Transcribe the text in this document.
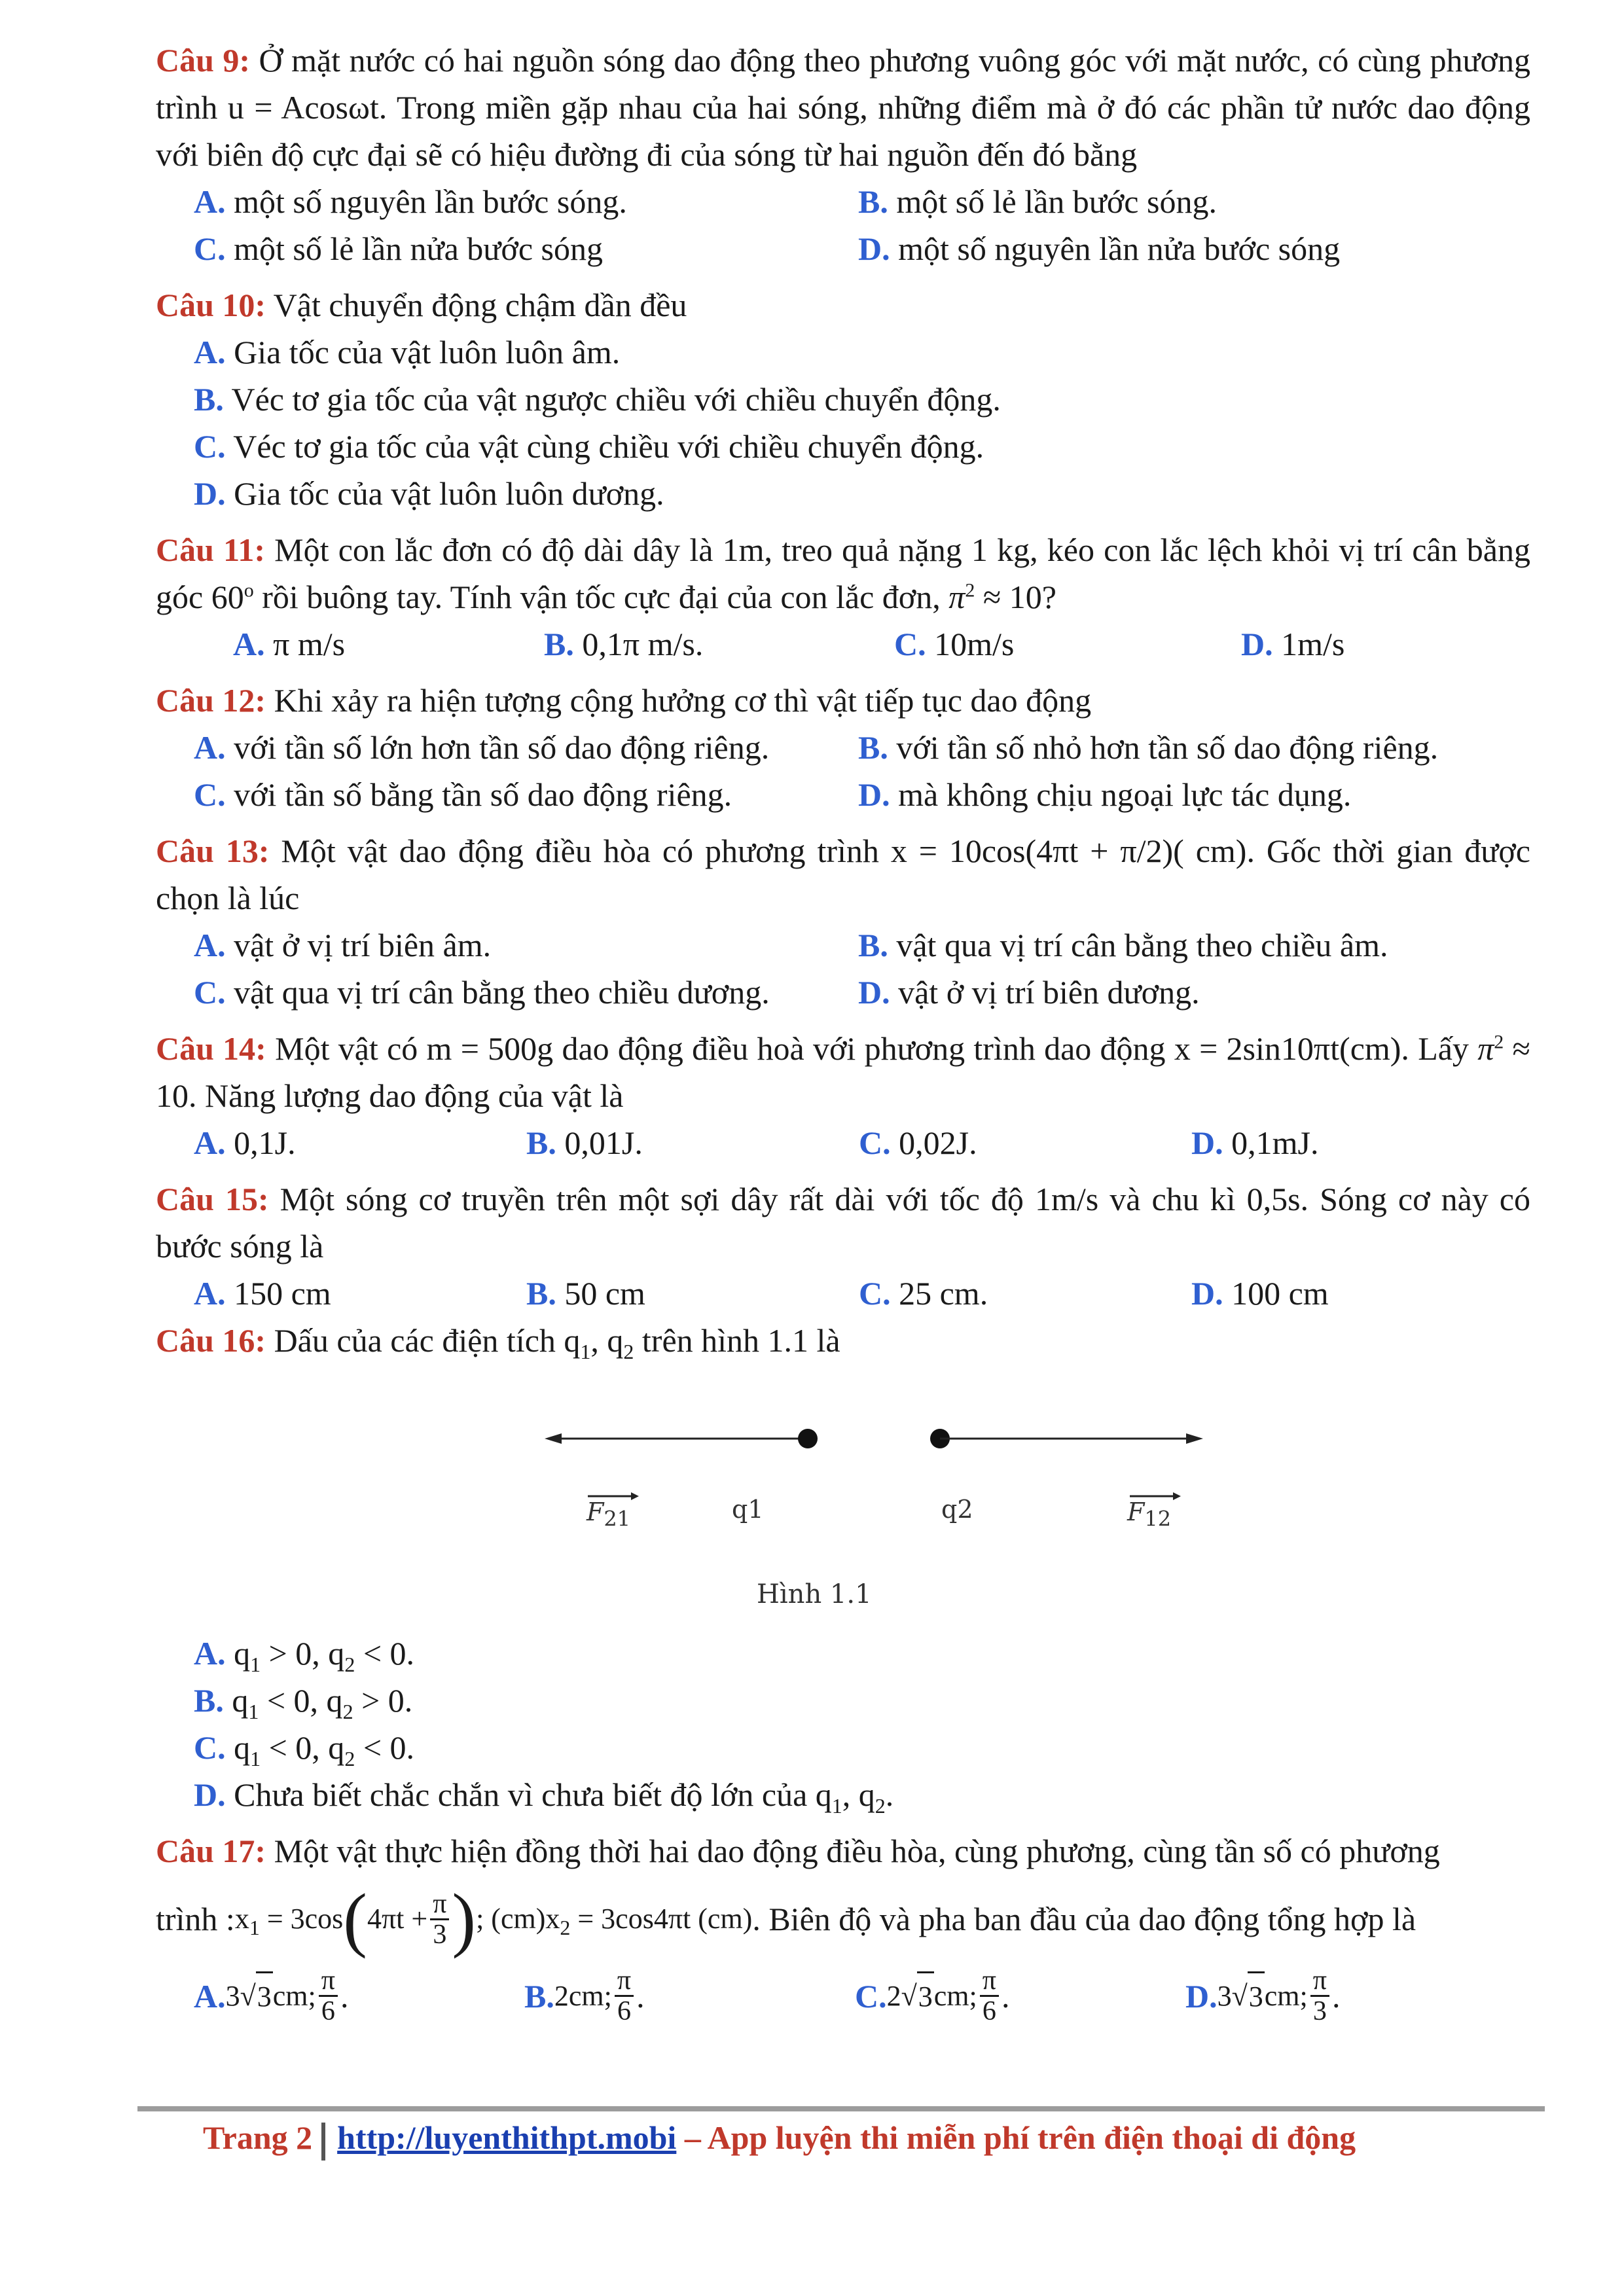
Câu 9: Ở mặt nước có hai nguồn sóng dao động theo phương vuông góc với mặt nước, có cùng phương trình u = Acosωt. Trong miền gặp nhau của hai sóng, những điểm mà ở đó các phần tử nước dao động với biên độ cực đại sẽ có hiệu đường đi của sóng từ hai nguồn đến đó bằng

A. một số nguyên lần bước sóng.	B. một số lẻ lần bước sóng.
C. một số lẻ lần nửa bước sóng	D. một số nguyên lần nửa bước sóng

Câu 10: Vật chuyển động chậm dần đều

A. Gia tốc của vật luôn luôn âm.
B. Véc tơ gia tốc của vật ngược chiều với chiều chuyển động.
C. Véc tơ gia tốc của vật cùng chiều với chiều chuyển động.
D. Gia tốc của vật luôn luôn dương.

Câu 11: Một con lắc đơn có độ dài dây là 1m, treo quả nặng 1 kg, kéo con lắc lệch khỏi vị trí cân bằng góc 60$^o$ rồi buông tay. Tính vận tốc cực đại của con lắc đơn, $\pi^2 \approx 10$?

A. π m/s	B. 0,1π m/s.	C. 10m/s	D. 1m/s

Câu 12: Khi xảy ra hiện tượng cộng hưởng cơ thì vật tiếp tục dao động

A. với tần số lớn hơn tần số dao động riêng.	B. với tần số nhỏ hơn tần số dao động riêng.
C. với tần số bằng tần số dao động riêng.	D. mà không chịu ngoại lực tác dụng.

Câu 13: Một vật dao động điều hòa có phương trình x = 10cos(4πt + π/2)( cm). Gốc thời gian được chọn là lúc

A. vật ở vị trí biên âm.	B. vật qua vị trí cân bằng theo chiều âm.
C. vật qua vị trí cân bằng theo chiều dương.	D. vật ở vị trí biên dương.

Câu 14: Một vật có m = 500g dao động điều hoà với phương trình dao động x = 2sin10πt(cm). Lấy $\pi^2 \approx 10$. Năng lượng dao động của vật là

A. 0,1J.	B. 0,01J.	C. 0,02J.	D. 0,1mJ.

Câu 15: Một sóng cơ truyền trên một sợi dây rất dài với tốc độ 1m/s và chu kì 0,5s. Sóng cơ này có bước sóng là

A. 150 cm	B. 50 cm	C. 25 cm.	D. 100 cm

Câu 16: Dấu của các điện tích $q_1$, $q_2$ trên hình 1.1 là

$F_{21}$	q1	q2	$F_{12}$
Hình 1.1
A. $q_1 > 0$, $q_2 < 0$.
B. $q_1 < 0$, $q_2 > 0$.
C. $q_1 < 0$, $q_2 < 0$.
D. Chưa biết chắc chắn vì chưa biết độ lớn của $q_1$, $q_2$.

Câu 17: Một vật thực hiện đồng thời hai dao động điều hòa, cùng phương, cùng tần số có phương

trình : $x_1 = 3\cos$ ( $4\pi t + \frac{\pi}{3}$ ) ; $(cm)x_2 = 3\cos 4\pi t$ (cm) . Biên độ và pha ban đầu của dao động tổng hợp là
A. 3 √ 3 cm; $\frac{\pi}{6}$ .	B. 2 cm; $\frac{\pi}{6}$ .	C. 2 √ 3 cm; $\frac{\pi}{6}$ .	D. 3 √ 3 cm; $\frac{\pi}{3}$ .
Trang 2 http://luyenthithpt.mobi – App luyện thi miễn phí trên điện thoại di động
